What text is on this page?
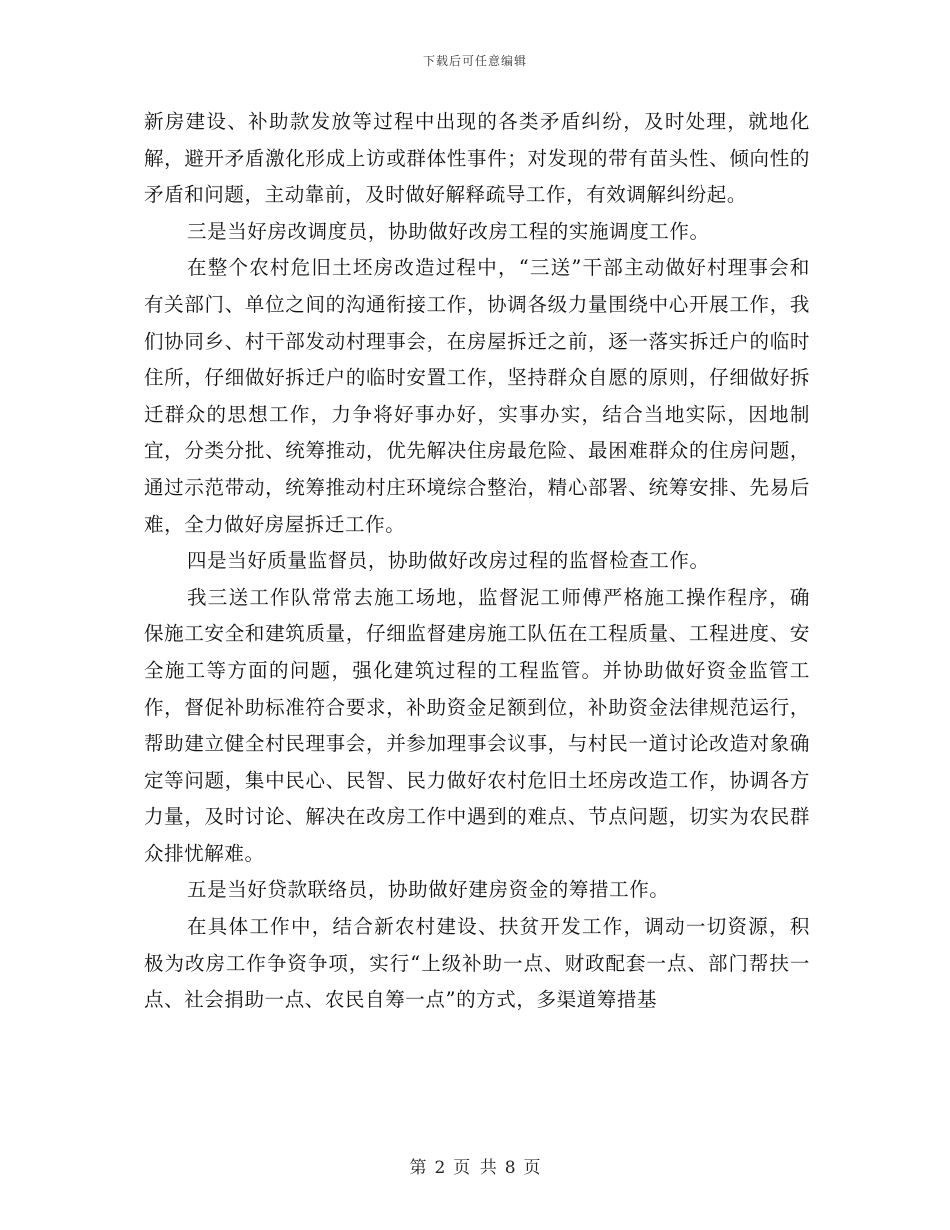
下载后可任意编辑

新房建设、补助款发放等过程中出现的各类矛盾纠纷，及时处理，就地化解，避开矛盾激化形成上访或群体性事件；对发现的带有苗头性、倾向性的矛盾和问题，主动靠前，及时做好解释疏导工作，有效调解纠纷起。

三是当好房改调度员，协助做好改房工程的实施调度工作。

在整个农村危旧土坯房改造过程中，“三送”干部主动做好村理事会和有关部门、单位之间的沟通衔接工作，协调各级力量围绕中心开展工作，我们协同乡、村干部发动村理事会，在房屋拆迁之前，逐一落实拆迁户的临时住所，仔细做好拆迁户的临时安置工作，坚持群众自愿的原则，仔细做好拆迁群众的思想工作，力争将好事办好，实事办实，结合当地实际，因地制宜，分类分批、统筹推动，优先解决住房最危险、最困难群众的住房问题，通过示范带动，统筹推动村庄环境综合整治，精心部署、统筹安排、先易后难，全力做好房屋拆迁工作。

四是当好质量监督员，协助做好改房过程的监督检查工作。

我三送工作队常常去施工场地，监督泥工师傅严格施工操作程序，确保施工安全和建筑质量，仔细监督建房施工队伍在工程质量、工程进度、安全施工等方面的问题，强化建筑过程的工程监管。并协助做好资金监管工作，督促补助标准符合要求，补助资金足额到位，补助资金法律规范运行，帮助建立健全村民理事会，并参加理事会议事，与村民一道讨论改造对象确定等问题，集中民心、民智、民力做好农村危旧土坯房改造工作，协调各方力量，及时讨论、解决在改房工作中遇到的难点、节点问题，切实为农民群众排忧解难。

五是当好贷款联络员，协助做好建房资金的筹措工作。

在具体工作中，结合新农村建设、扶贫开发工作，调动一切资源，积极为改房工作争资争项，实行“上级补助一点、财政配套一点、部门帮扶一点、社会捐助一点、农民自筹一点”的方式，多渠道筹措基

第 2 页 共 8 页
